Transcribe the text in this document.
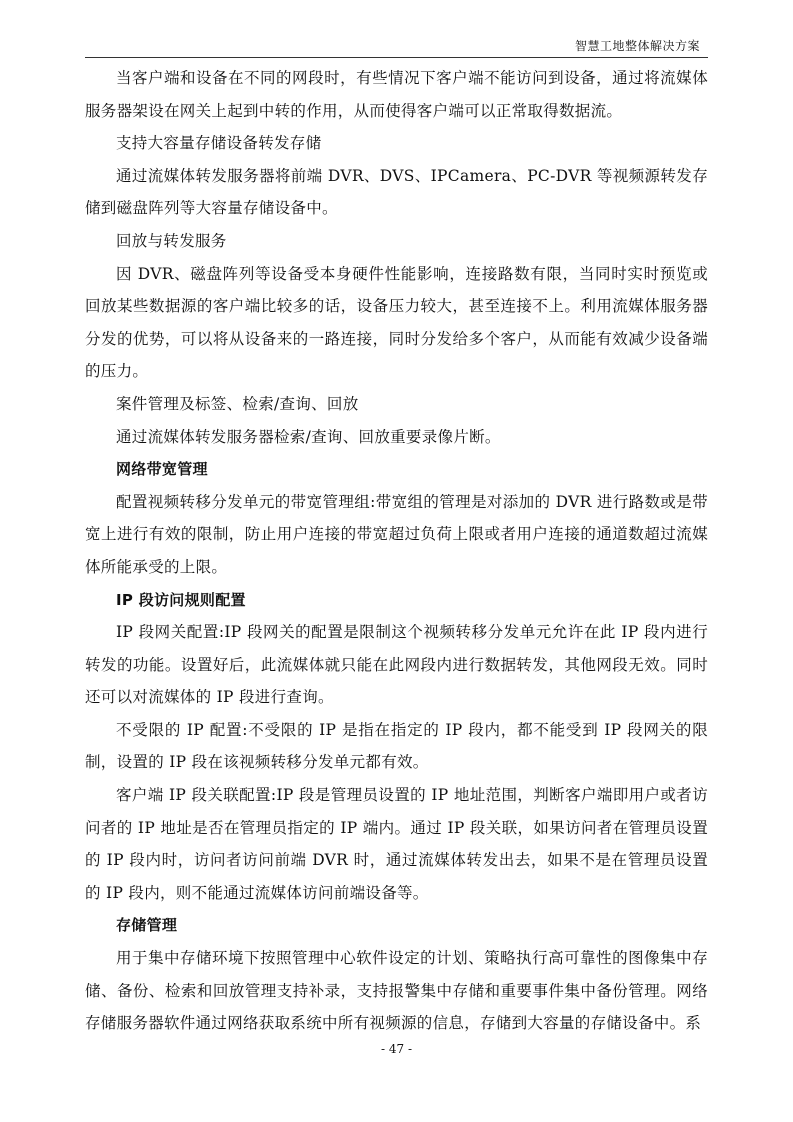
智慧工地整体解决方案

当客户端和设备在不同的网段时，有些情况下客户端不能访问到设备，通过将流媒体服务器架设在网关上起到中转的作用，从而使得客户端可以正常取得数据流。

支持大容量存储设备转发存储

通过流媒体转发服务器将前端 DVR、DVS、IPCamera、PC-DVR 等视频源转发存储到磁盘阵列等大容量存储设备中。

回放与转发服务

因 DVR、磁盘阵列等设备受本身硬件性能影响，连接路数有限，当同时实时预览或回放某些数据源的客户端比较多的话，设备压力较大，甚至连接不上。利用流媒体服务器分发的优势，可以将从设备来的一路连接，同时分发给多个客户，从而能有效减少设备端的压力。

案件管理及标签、检索/查询、回放

通过流媒体转发服务器检索/查询、回放重要录像片断。

网络带宽管理

配置视频转移分发单元的带宽管理组:带宽组的管理是对添加的 DVR 进行路数或是带宽上进行有效的限制，防止用户连接的带宽超过负荷上限或者用户连接的通道数超过流媒体所能承受的上限。

IP 段访问规则配置

IP 段网关配置:IP 段网关的配置是限制这个视频转移分发单元允许在此 IP 段内进行转发的功能。设置好后，此流媒体就只能在此网段内进行数据转发，其他网段无效。同时还可以对流媒体的 IP 段进行查询。

不受限的 IP 配置:不受限的 IP 是指在指定的 IP 段内，都不能受到 IP 段网关的限制，设置的 IP 段在该视频转移分发单元都有效。

客户端 IP 段关联配置:IP 段是管理员设置的 IP 地址范围，判断客户端即用户或者访问者的 IP 地址是否在管理员指定的 IP 端内。通过 IP 段关联，如果访问者在管理员设置的 IP 段内时，访问者访问前端 DVR 时，通过流媒体转发出去，如果不是在管理员设置的 IP 段内，则不能通过流媒体访问前端设备等。

存储管理

用于集中存储环境下按照管理中心软件设定的计划、策略执行高可靠性的图像集中存储、备份、检索和回放管理支持补录，支持报警集中存储和重要事件集中备份管理。网络存储服务器软件通过网络获取系统中所有视频源的信息，存储到大容量的存储设备中。系

- 47 -
